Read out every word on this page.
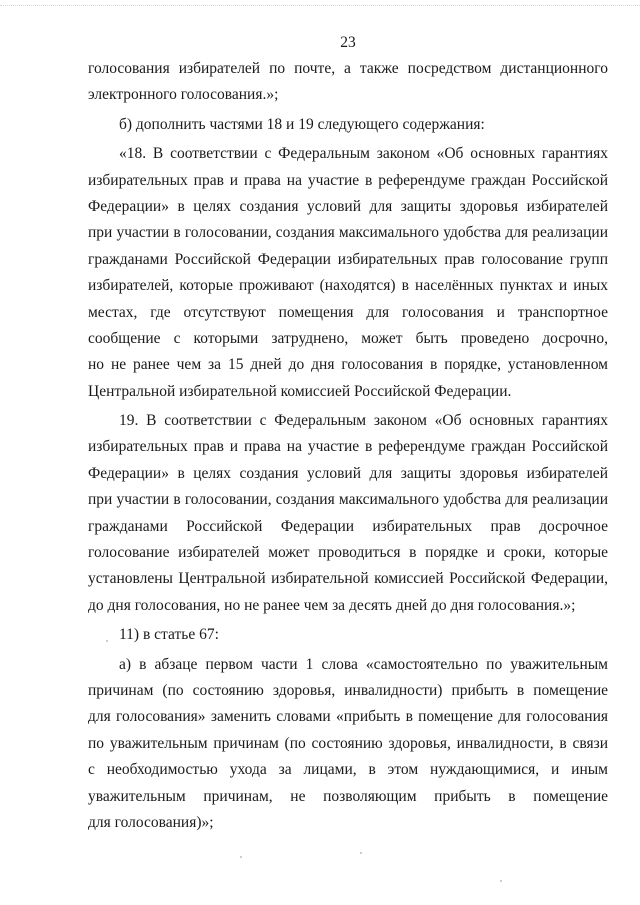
23
голосования избирателей по почте, а также посредством дистанционного
электронного голосования.»;
б) дополнить частями 18 и 19 следующего содержания:
«18. В соответствии с Федеральным законом «Об основных гарантиях
избирательных прав и права на участие в референдуме граждан Российской
Федерации» в целях создания условий для защиты здоровья избирателей
при участии в голосовании, создания максимального удобства для реализации
гражданами Российской Федерации избирательных прав голосование групп
избирателей, которые проживают (находятся) в населённых пунктах и иных
местах, где отсутствуют помещения для голосования и транспортное
сообщение с которыми затруднено, может быть проведено досрочно,
но не ранее чем за 15 дней до дня голосования в порядке, установленном
Центральной избирательной комиссией Российской Федерации.
19. В соответствии с Федеральным законом «Об основных гарантиях
избирательных прав и права на участие в референдуме граждан Российской
Федерации» в целях создания условий для защиты здоровья избирателей
при участии в голосовании, создания максимального удобства для реализации
гражданами Российской Федерации избирательных прав досрочное
голосование избирателей может проводиться в порядке и сроки, которые
установлены Центральной избирательной комиссией Российской Федерации,
до дня голосования, но не ранее чем за десять дней до дня голосования.»;
11) в статье 67:
а) в абзаце первом части 1 слова «самостоятельно по уважительным
причинам (по состоянию здоровья, инвалидности) прибыть в помещение
для голосования» заменить словами «прибыть в помещение для голосования
по уважительным причинам (по состоянию здоровья, инвалидности, в связи
с необходимостью ухода за лицами, в этом нуждающимися, и иным
уважительным причинам, не позволяющим прибыть в помещение
для голосования)»;
